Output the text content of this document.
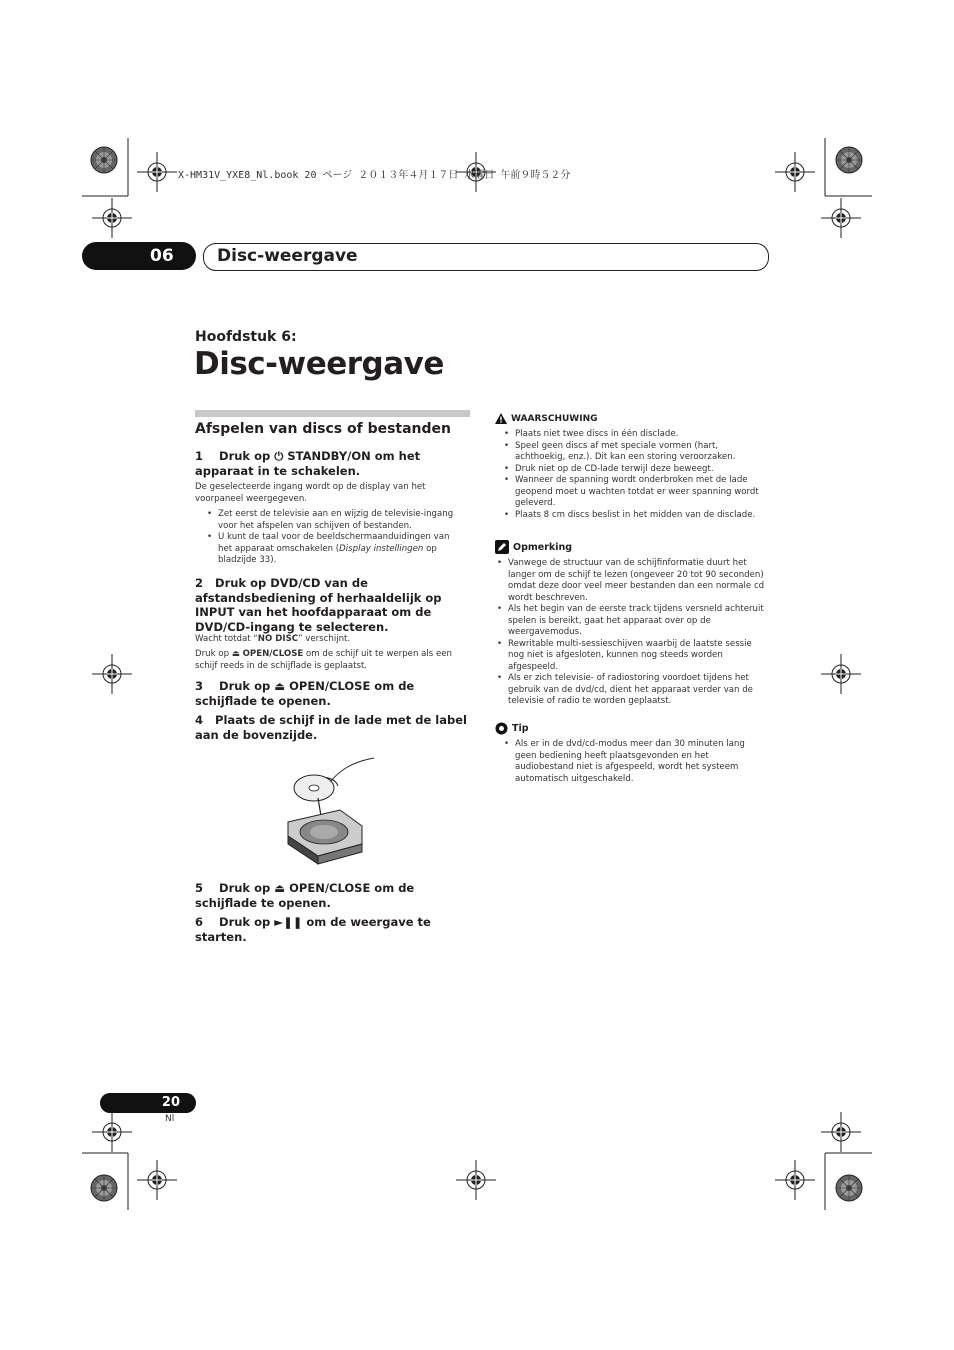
X-HM31V_YXE8_Nl.book 20 ページ ２０１３年４月１７日 水曜日 午前９時５２分
06	Disc-weergave
Hoofdstuk 6:
Disc-weergave
Afspelen van discs of bestanden
1 Druk op ⏻ STANDBY/ON om het apparaat in te schakelen.
De geselecteerde ingang wordt op de display van het voorpaneel weergegeven.
• Zet eerst de televisie aan en wijzig de televisie-ingang voor het afspelen van schijven of bestanden.
• U kunt de taal voor de beeldschermaanduidingen van het apparaat omschakelen (Display instellingen op bladzijde 33).
2 Druk op DVD/CD van de afstandsbediening of herhaaldelijk op INPUT van het hoofdapparaat om de DVD/CD-ingang te selecteren.
Wacht totdat “NO DISC” verschijnt.
Druk op ⏏ OPEN/CLOSE om de schijf uit te werpen als een schijf reeds in de schijflade is geplaatst.
3 Druk op ⏏ OPEN/CLOSE om de schijflade te openen.
4 Plaats de schijf in de lade met de label aan de bovenzijde.
5 Druk op ⏏ OPEN/CLOSE om de schijflade te openen.
6 Druk op ►❚❚ om de weergave te starten.
WAARSCHUWING
• Plaats niet twee discs in één disclade.
• Speel geen discs af met speciale vormen (hart, achthoekig, enz.). Dit kan een storing veroorzaken.
• Druk niet op de CD-lade terwijl deze beweegt.
• Wanneer de spanning wordt onderbroken met de lade geopend moet u wachten totdat er weer spanning wordt geleverd.
• Plaats 8 cm discs beslist in het midden van de disclade.
Opmerking
• Vanwege de structuur van de schijfinformatie duurt het langer om de schijf te lezen (ongeveer 20 tot 90 seconden) omdat deze door veel meer bestanden dan een normale cd wordt beschreven.
• Als het begin van de eerste track tijdens versneld achteruit spelen is bereikt, gaat het apparaat over op de weergavemodus.
• Rewritable multi-sessieschijven waarbij de laatste sessie nog niet is afgesloten, kunnen nog steeds worden afgespeeld.
• Als er zich televisie- of radiostoring voordoet tijdens het gebruik van de dvd/cd, dient het apparaat verder van de televisie of radio te worden geplaatst.
Tip
• Als er in de dvd/cd-modus meer dan 30 minuten lang geen bediening heeft plaatsgevonden en het audiobestand niet is afgespeeld, wordt het systeem automatisch uitgeschakeld.
20
Nl
